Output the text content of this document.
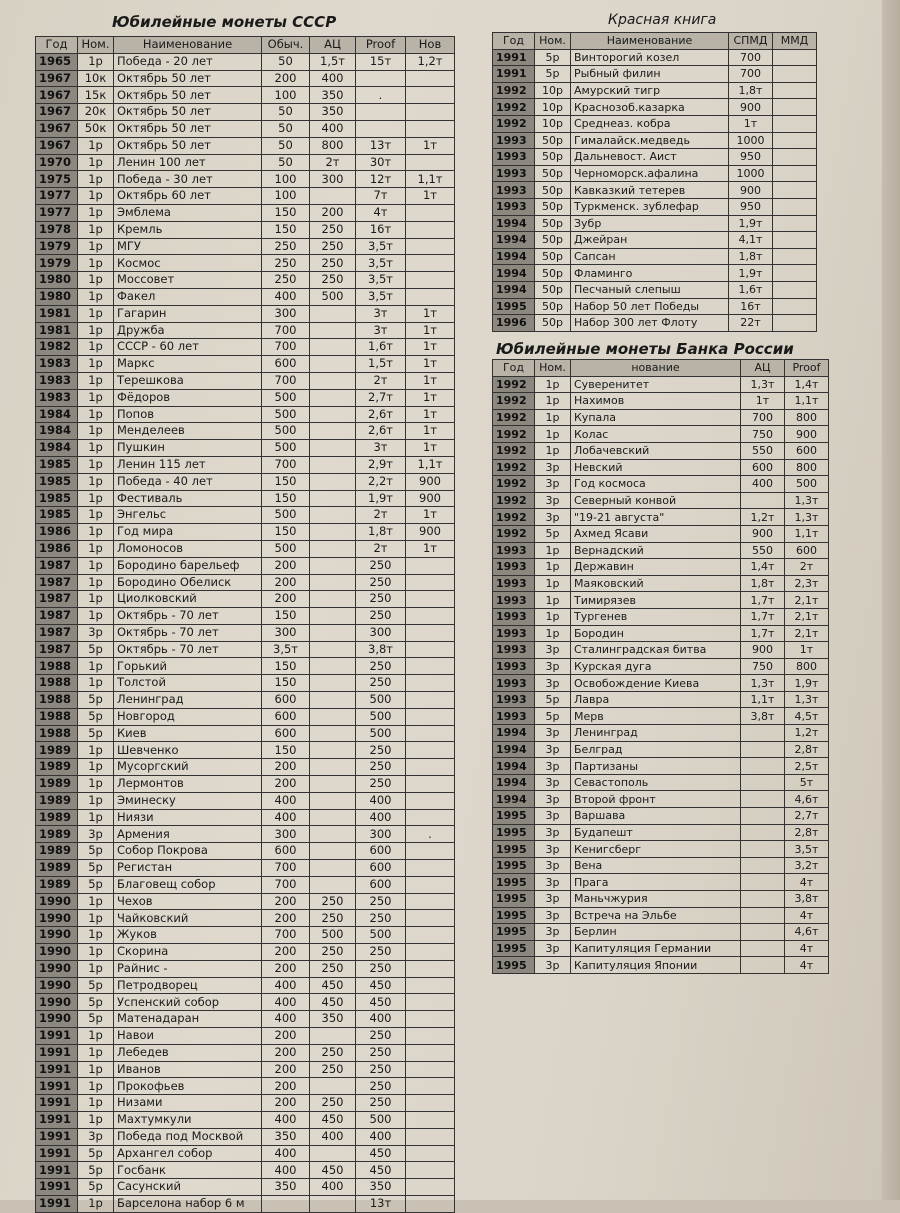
Юбилейные монеты СССР
Год	Ном.	Наименование	Обыч.	АЦ	Proof	Нов
1965	1р	Победа - 20 лет	50	1,5т	15т	1,2т
1967	10к	Октябрь 50 лет	200	400		
1967	15к	Октябрь 50 лет	100	350	.	
1967	20к	Октябрь 50 лет	50	350		
1967	50к	Октябрь 50 лет	50	400		
1967	1р	Октябрь 50 лет	50	800	13т	1т
1970	1р	Ленин 100 лет	50	2т	30т	
1975	1р	Победа - 30 лет	100	300	12т	1,1т
1977	1р	Октябрь 60 лет	100		7т	1т
1977	1р	Эмблема	150	200	4т	
1978	1р	Кремль	150	250	16т	
1979	1р	МГУ	250	250	3,5т	
1979	1р	Космос	250	250	3,5т	
1980	1р	Моссовет	250	250	3,5т	
1980	1р	Факел	400	500	3,5т	
1981	1р	Гагарин	300		3т	1т
1981	1р	Дружба	700		3т	1т
1982	1р	СССР - 60 лет	700		1,6т	1т
1983	1р	Маркс	600		1,5т	1т
1983	1р	Терешкова	700		2т	1т
1983	1р	Фёдоров	500		2,7т	1т
1984	1р	Попов	500		2,6т	1т
1984	1р	Менделеев	500		2,6т	1т
1984	1р	Пушкин	500		3т	1т
1985	1р	Ленин 115 лет	700		2,9т	1,1т
1985	1р	Победа - 40 лет	150		2,2т	900
1985	1р	Фестиваль	150		1,9т	900
1985	1р	Энгельс	500		2т	1т
1986	1р	Год мира	150		1,8т	900
1986	1р	Ломоносов	500		2т	1т
1987	1р	Бородино барельеф	200		250	
1987	1р	Бородино Обелиск	200		250	
1987	1р	Циолковский	200		250	
1987	1р	Октябрь - 70 лет	150		250	
1987	3р	Октябрь - 70 лет	300		300	
1987	5р	Октябрь - 70 лет	3,5т		3,8т	
1988	1р	Горький	150		250	
1988	1р	Толстой	150		250	
1988	5р	Ленинград	600		500	
1988	5р	Новгород	600		500	
1988	5р	Киев	600		500	
1989	1р	Шевченко	150		250	
1989	1р	Мусоргский	200		250	
1989	1р	Лермонтов	200		250	
1989	1р	Эминеску	400		400	
1989	1р	Ниязи	400		400	
1989	3р	Армения	300		300	.
1989	5р	Собор Покрова	600		600	
1989	5р	Регистан	700		600	
1989	5р	Благовещ собор	700		600	
1990	1р	Чехов	200	250	250	
1990	1р	Чайковский	200	250	250	
1990	1р	Жуков	700	500	500	
1990	1р	Скорина	200	250	250	
1990	1р	Райнис -	200	250	250	
1990	5р	Петродворец	400	450	450	
1990	5р	Успенский собор	400	450	450	
1990	5р	Матенадаран	400	350	400	
1991	1р	Навои	200		250	
1991	1р	Лебедев	200	250	250	
1991	1р	Иванов	200	250	250	
1991	1р	Прокофьев	200		250	
1991	1р	Низами	200	250	250	
1991	1р	Махтумкули	400	450	500	
1991	3р	Победа под Москвой	350	400	400	
1991	5р	Архангел собор	400		450	
1991	5р	Госбанк	400	450	450	
1991	5р	Сасунский	350	400	350	
1991	1р	Барселона набор 6 м			13т	
Красная книга
Год	Ном.	Наименование	СПМД	ММД
1991	5р	Винторогий козел	700	
1991	5р	Рыбный филин	700	
1992	10р	Амурский тигр	1,8т	
1992	10р	Краснозоб.казарка	900	
1992	10р	Среднеаз. кобра	1т	
1993	50р	Гималайск.медведь	1000	
1993	50р	Дальневост. Аист	950	
1993	50р	Черноморск.афалина	1000	
1993	50р	Кавказкий тетерев	900	
1993	50р	Туркменск. зублефар	950	
1994	50р	Зубр	1,9т	
1994	50р	Джейран	4,1т	
1994	50р	Сапсан	1,8т	
1994	50р	Фламинго	1,9т	
1994	50р	Песчаный слепыш	1,6т	
1995	50р	Набор 50 лет Победы	16т	
1996	50р	Набор 300 лет Флоту	22т	
Юбилейные монеты Банка России
Год	Ном.	нование	АЦ	Proof
1992	1р	Суверенитет	1,3т	1,4т
1992	1р	Нахимов	1т	1,1т
1992	1р	Купала	700	800
1992	1р	Колас	750	900
1992	1р	Лобачевский	550	600
1992	3р	Невский	600	800
1992	3р	Год космоса	400	500
1992	3р	Северный конвой		1,3т
1992	3р	"19-21 августа"	1,2т	1,3т
1992	5р	Ахмед Ясави	900	1,1т
1993	1р	Вернадский	550	600
1993	1р	Державин	1,4т	2т
1993	1р	Маяковский	1,8т	2,3т
1993	1р	Тимирязев	1,7т	2,1т
1993	1р	Тургенев	1,7т	2,1т
1993	1р	Бородин	1,7т	2,1т
1993	3р	Сталинградская битва	900	1т
1993	3р	Курская дуга	750	800
1993	3р	Освобождение Киева	1,3т	1,9т
1993	5р	Лавра	1,1т	1,3т
1993	5р	Мерв	3,8т	4,5т
1994	3р	Ленинград		1,2т
1994	3р	Белград		2,8т
1994	3р	Партизаны		2,5т
1994	3р	Севастополь		5т
1994	3р	Второй фронт		4,6т
1995	3р	Варшава		2,7т
1995	3р	Будапешт		2,8т
1995	3р	Кенигсберг		3,5т
1995	3р	Вена		3,2т
1995	3р	Прага		4т
1995	3р	Маньчжурия		3,8т
1995	3р	Встреча на Эльбе		4т
1995	3р	Берлин		4,6т
1995	3р	Капитуляция Германии		4т
1995	3р	Капитуляция Японии		4т
